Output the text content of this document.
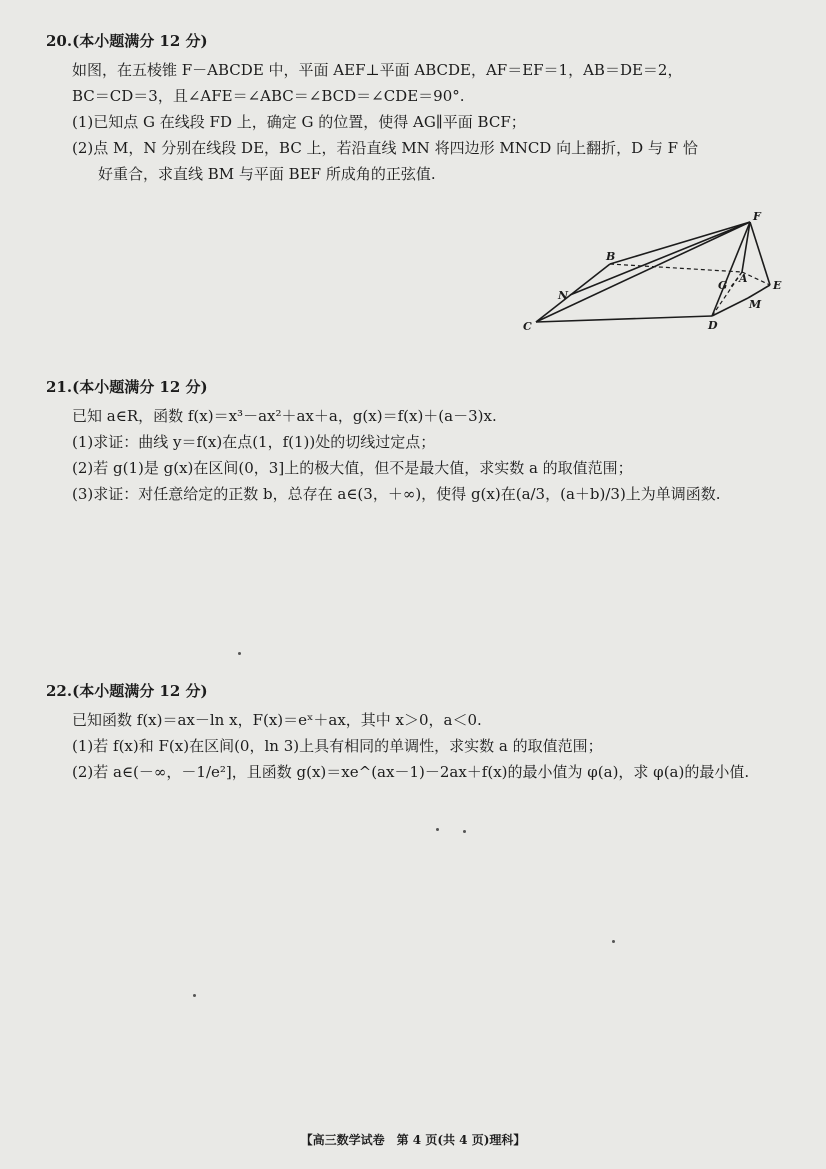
20.(本小题满分 12 分)
如图，在五棱锥 F－ABCDE 中，平面 AEF⊥平面 ABCDE，AF＝EF＝1，AB＝DE＝2，
BC＝CD＝3，且∠AFE＝∠ABC＝∠BCD＝∠CDE＝90°.
(1)已知点 G 在线段 FD 上，确定 G 的位置，使得 AG∥平面 BCF；
(2)点 M，N 分别在线段 DE，BC 上，若沿直线 MN 将四边形 MNCD 向上翻折，D 与 F 恰
好重合，求直线 BM 与平面 BEF 所成角的正弦值.
F
B
A
G	E
N
M
C	D
21.(本小题满分 12 分)
已知 a∈R，函数 f(x)＝x³－ax²＋ax＋a，g(x)＝f(x)＋(a－3)x.
(1)求证：曲线 y＝f(x)在点(1，f(1))处的切线过定点；
(2)若 g(1)是 g(x)在区间(0，3]上的极大值，但不是最大值，求实数 a 的取值范围；
(3)求证：对任意给定的正数 b，总存在 a∈(3，＋∞)，使得 g(x)在(a/3，(a＋b)/3)上为单调函数.
22.(本小题满分 12 分)
已知函数 f(x)＝ax－ln x，F(x)＝eˣ＋ax，其中 x＞0，a＜0.
(1)若 f(x)和 F(x)在区间(0，ln 3)上具有相同的单调性，求实数 a 的取值范围；
(2)若 a∈(－∞，－1/e²]，且函数 g(x)＝xe^(ax－1)－2ax＋f(x)的最小值为 φ(a)，求 φ(a)的最小值.
【高三数学试卷　第 4 页(共 4 页)理科】
